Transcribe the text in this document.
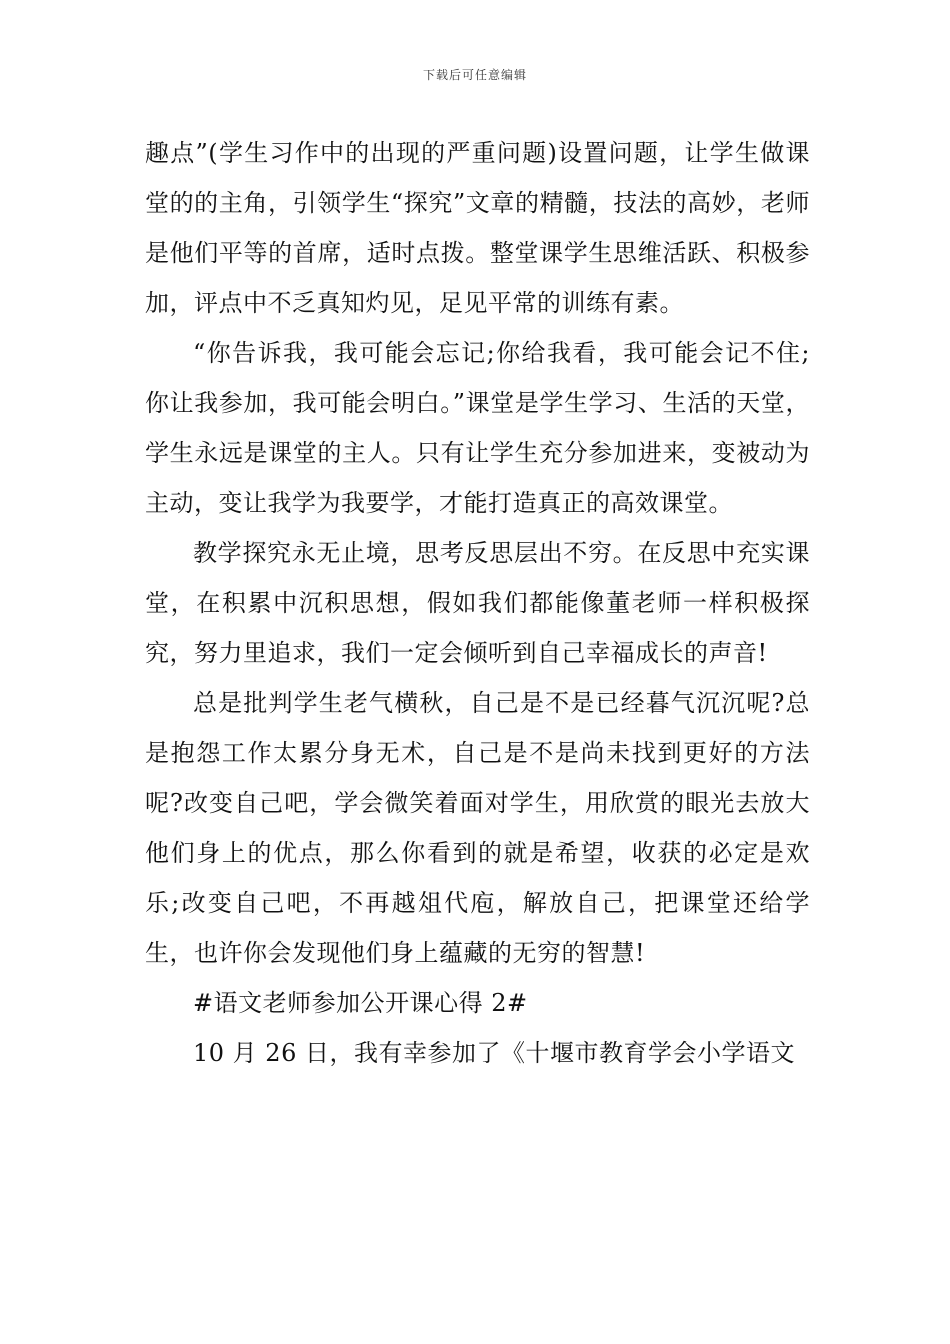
下载后可任意编辑

趣点”(学生习作中的出现的严重问题)设置问题，让学生做课堂的的主角，引领学生“探究”文章的精髓，技法的高妙，老师是他们平等的首席，适时点拨。整堂课学生思维活跃、积极参加，评点中不乏真知灼见，足见平常的训练有素。

“你告诉我，我可能会忘记;你给我看，我可能会记不住;你让我参加，我可能会明白。”课堂是学生学习、生活的天堂，学生永远是课堂的主人。只有让学生充分参加进来，变被动为主动，变让我学为我要学，才能打造真正的高效课堂。

教学探究永无止境，思考反思层出不穷。在反思中充实课堂，在积累中沉积思想，假如我们都能像董老师一样积极探究，努力里追求，我们一定会倾听到自己幸福成长的声音!

总是批判学生老气横秋，自己是不是已经暮气沉沉呢?总是抱怨工作太累分身无术，自己是不是尚未找到更好的方法呢?改变自己吧，学会微笑着面对学生，用欣赏的眼光去放大他们身上的优点，那么你看到的就是希望，收获的必定是欢乐;改变自己吧，不再越俎代庖，解放自己，把课堂还给学生，也许你会发现他们身上蕴藏的无穷的智慧!

#语文老师参加公开课心得 2#

10 月 26 日，我有幸参加了《十堰市教育学会小学语文
